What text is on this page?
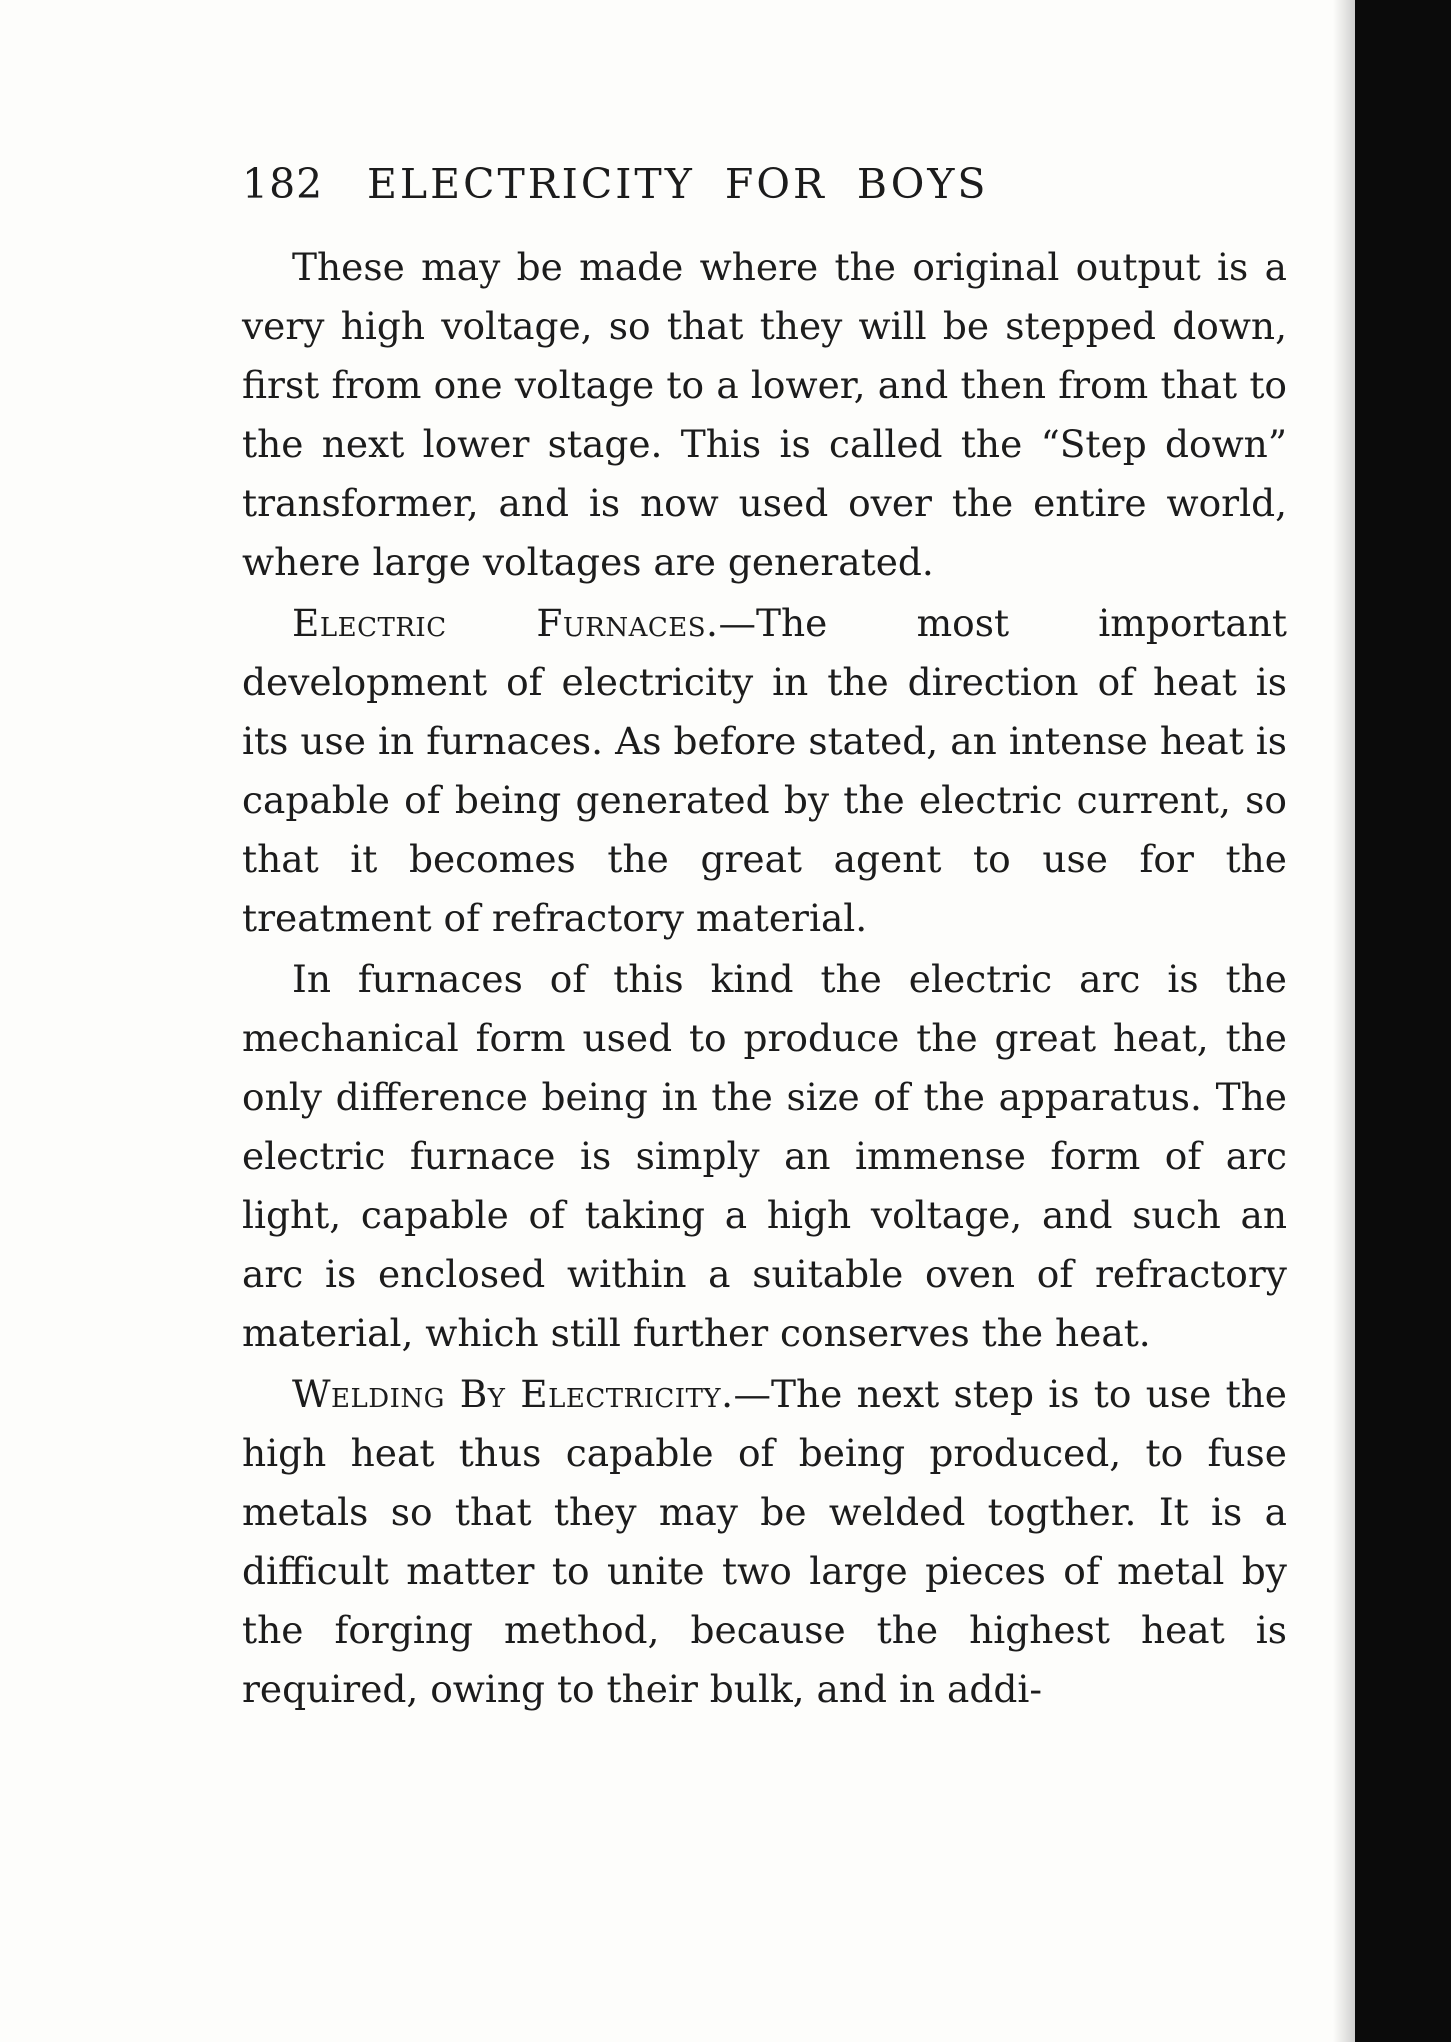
182	ELECTRICITY FOR BOYS

These may be made where the original output is a very high voltage, so that they will be stepped down, first from one voltage to a lower, and then from that to the next lower stage. This is called the “Step down” transformer, and is now used over the entire world, where large voltages are generated.

Electric Furnaces.—The most important development of electricity in the direction of heat is its use in furnaces. As before stated, an intense heat is capable of being generated by the electric current, so that it becomes the great agent to use for the treatment of refractory material.

In furnaces of this kind the electric arc is the mechanical form used to produce the great heat, the only difference being in the size of the apparatus. The electric furnace is simply an immense form of arc light, capable of taking a high voltage, and such an arc is enclosed within a suitable oven of refractory material, which still further conserves the heat.

Welding By Electricity.—The next step is to use the high heat thus capable of being produced, to fuse metals so that they may be welded togther. It is a difficult matter to unite two large pieces of metal by the forging method, because the highest heat is required, owing to their bulk, and in addi-
